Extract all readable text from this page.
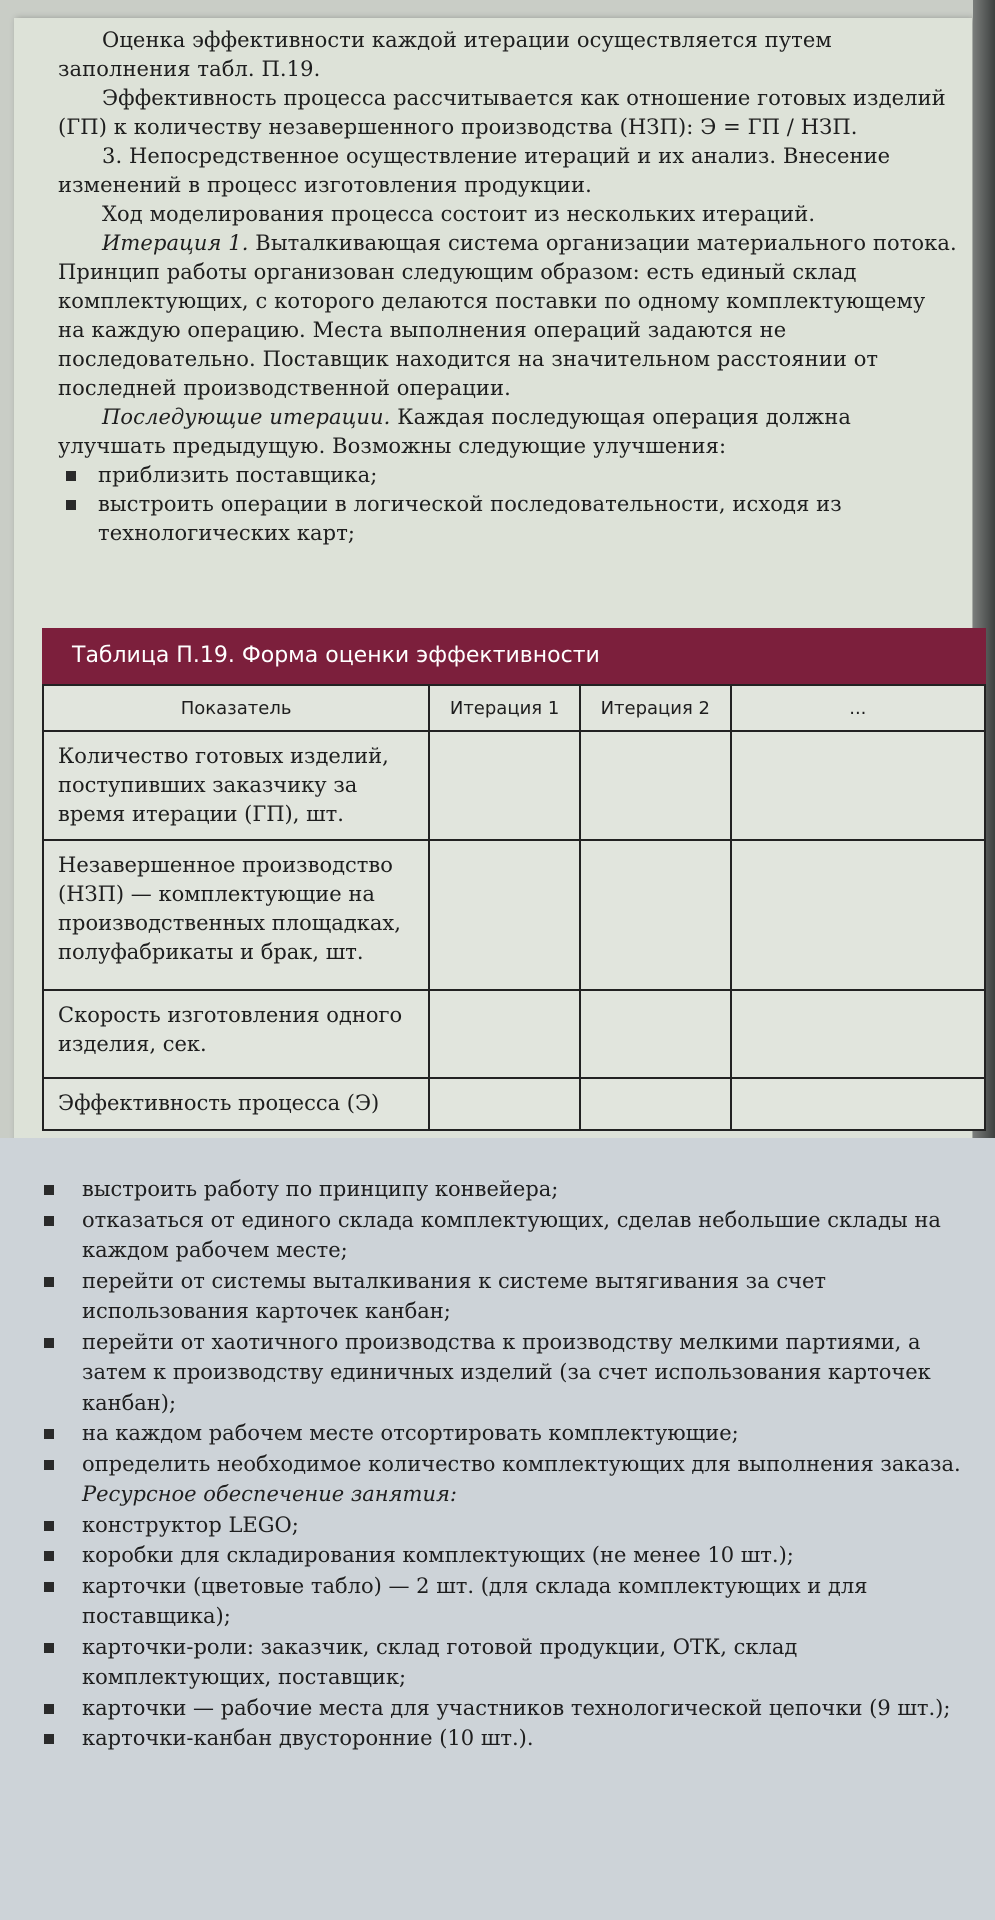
Оценка эффективности каждой итерации осуществляется путем заполнения табл. П.19.

Эффективность процесса рассчитывается как отношение готовых изделий (ГП) к количеству незавершенного производства (НЗП): Э = ГП / НЗП.

3. Непосредственное осуществление итераций и их анализ. Внесение изменений в процесс изготовления продукции.

Ход моделирования процесса состоит из нескольких итераций.

Итерация 1. Выталкивающая система организации материального потока. Принцип работы организован следующим образом: есть единый склад комплектующих, с которого делаются поставки по одному комплектующему на каждую операцию. Места выполнения операций задаются не последовательно. Поставщик находится на значительном расстоянии от последней производственной операции.

Последующие итерации. Каждая последующая операция должна улучшать предыдущую. Возможны следующие улучшения:

приблизить поставщика;
выстроить операции в логической последовательности, исходя из технологических карт;
Таблица П.19. Форма оценки эффективности
Показатель	Итерация 1	Итерация 2	...
Количество готовых изделий, поступивших заказчику за время итерации (ГП), шт.			
Незавершенное производство (НЗП) — комплектующие на производственных площадках, полуфабрикаты и брак, шт.			
Скорость изготовления одного изделия, сек.			
Эффективность процесса (Э)			
выстроить работу по принципу конвейера;
отказаться от единого склада комплектующих, сделав небольшие склады на каждом рабочем месте;
перейти от системы выталкивания к системе вытягивания за счет использования карточек канбан;
перейти от хаотичного производства к производству мелкими партиями, а затем к производству единичных изделий (за счет использования карточек канбан);
на каждом рабочем месте отсортировать комплектующие;
определить необходимое количество комплектующих для выполнения заказа.

Ресурсное обеспечение занятия:

конструктор LEGO;
коробки для складирования комплектующих (не менее 10 шт.);
карточки (цветовые табло) — 2 шт. (для склада комплектующих и для поставщика);
карточки-роли: заказчик, склад готовой продукции, ОТК, склад комплектующих, поставщик;
карточки — рабочие места для участников технологической цепочки (9 шт.);
карточки-канбан двусторонние (10 шт.).
